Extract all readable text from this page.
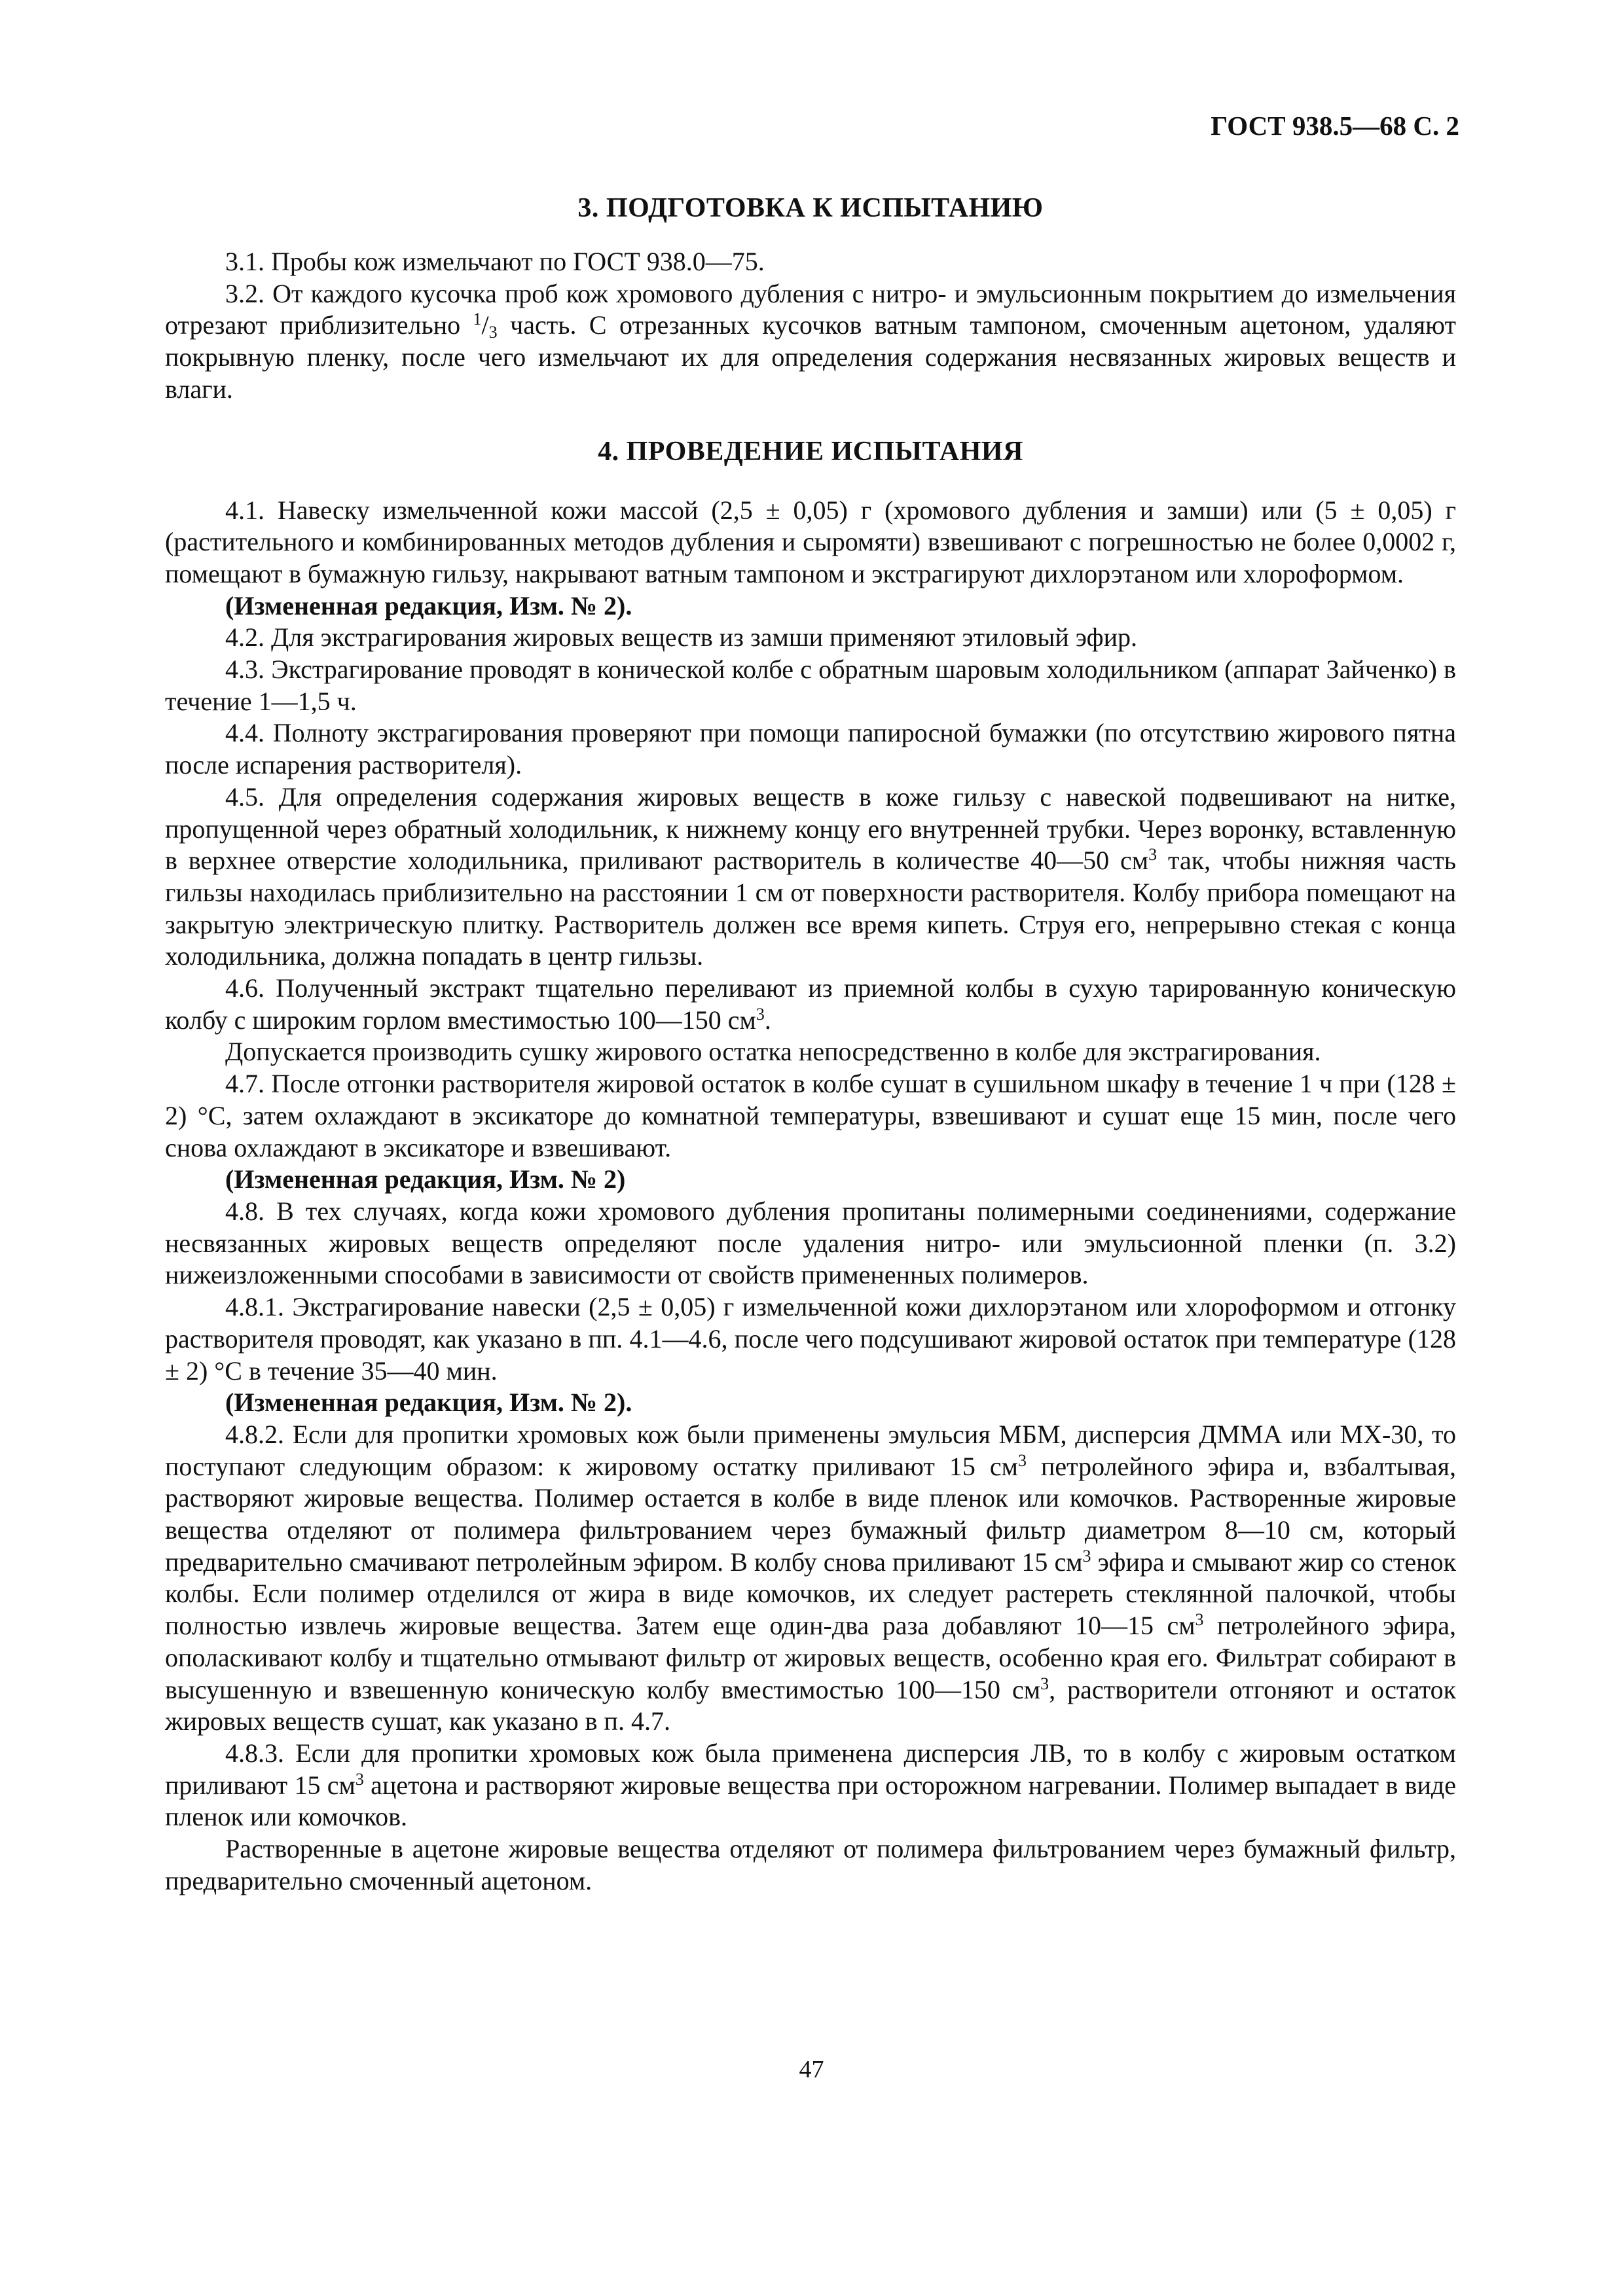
ГОСТ 938.5—68 С. 2
3. ПОДГОТОВКА К ИСПЫТАНИЮ

3.1. Пробы кож измельчают по ГОСТ 938.0—75.

3.2. От каждого кусочка проб кож хромового дубления с нитро- и эмульсионным покрытием до измельчения отрезают приблизительно $^1/_3$ часть. С отрезанных кусочков ватным тампоном, смоченным ацетоном, удаляют покрывную пленку, после чего измельчают их для определения содержания несвязанных жировых веществ и влаги.

4. ПРОВЕДЕНИЕ ИСПЫТАНИЯ

4.1. Навеску измельченной кожи массой (2,5 ± 0,05) г (хромового дубления и замши) или (5 ± 0,05) г (растительного и комбинированных методов дубления и сыромяти) взвешивают с погрешностью не более 0,0002 г, помещают в бумажную гильзу, накрывают ватным тампоном и экстрагируют дихлорэтаном или хлороформом.

(Измененная редакция, Изм. № 2).

4.2. Для экстрагирования жировых веществ из замши применяют этиловый эфир.

4.3. Экстрагирование проводят в конической колбе с обратным шаровым холодильником (аппарат Зайченко) в течение 1—1,5 ч.

4.4. Полноту экстрагирования проверяют при помощи папиросной бумажки (по отсутствию жирового пятна после испарения растворителя).

4.5. Для определения содержания жировых веществ в коже гильзу с навеской подвешивают на нитке, пропущенной через обратный холодильник, к нижнему концу его внутренней трубки. Через воронку, вставленную в верхнее отверстие холодильника, приливают растворитель в количестве 40—50 $см^3$ так, чтобы нижняя часть гильзы находилась приблизительно на расстоянии 1 см от поверхности растворителя. Колбу прибора помещают на закрытую электрическую плитку. Растворитель должен все время кипеть. Струя его, непрерывно стекая с конца холодильника, должна попадать в центр гильзы.

4.6. Полученный экстракт тщательно переливают из приемной колбы в сухую тарированную коническую колбу с широким горлом вместимостью 100—150 $см^3$.

Допускается производить сушку жирового остатка непосредственно в колбе для экстрагирования.

4.7. После отгонки растворителя жировой остаток в колбе сушат в сушильном шкафу в течение 1 ч при (128 ± 2) °С, затем охлаждают в эксикаторе до комнатной температуры, взвешивают и сушат еще 15 мин, после чего снова охлаждают в эксикаторе и взвешивают.

(Измененная редакция, Изм. № 2)

4.8. В тех случаях, когда кожи хромового дубления пропитаны полимерными соединениями, содержание несвязанных жировых веществ определяют после удаления нитро- или эмульсионной пленки (п. 3.2) нижеизложенными способами в зависимости от свойств примененных полимеров.

4.8.1. Экстрагирование навески (2,5 ± 0,05) г измельченной кожи дихлорэтаном или хлороформом и отгонку растворителя проводят, как указано в пп. 4.1—4.6, после чего подсушивают жировой остаток при температуре (128 ± 2) °С в течение 35—40 мин.

(Измененная редакция, Изм. № 2).

4.8.2. Если для пропитки хромовых кож были применены эмульсия МБМ, дисперсия ДММА или МХ-30, то поступают следующим образом: к жировому остатку приливают 15 $см^3$ петролейного эфира и, взбалтывая, растворяют жировые вещества. Полимер остается в колбе в виде пленок или комочков. Растворенные жировые вещества отделяют от полимера фильтрованием через бумажный фильтр диаметром 8—10 см, который предварительно смачивают петролейным эфиром. В колбу снова приливают 15 $см^3$ эфира и смывают жир со стенок колбы. Если полимер отделился от жира в виде комочков, их следует растереть стеклянной палочкой, чтобы полностью извлечь жировые вещества. Затем еще один-два раза добавляют 10—15 $см^3$ петролейного эфира, ополаскивают колбу и тщательно отмывают фильтр от жировых веществ, особенно края его. Фильтрат собирают в высушенную и взвешенную коническую колбу вместимостью 100—150 $см^3$, растворители отгоняют и остаток жировых веществ сушат, как указано в п. 4.7.

4.8.3. Если для пропитки хромовых кож была применена дисперсия ЛВ, то в колбу с жировым остатком приливают 15 $см^3$ ацетона и растворяют жировые вещества при осторожном нагревании. Полимер выпадает в виде пленок или комочков.

Растворенные в ацетоне жировые вещества отделяют от полимера фильтрованием через бумажный фильтр, предварительно смоченный ацетоном.

47
